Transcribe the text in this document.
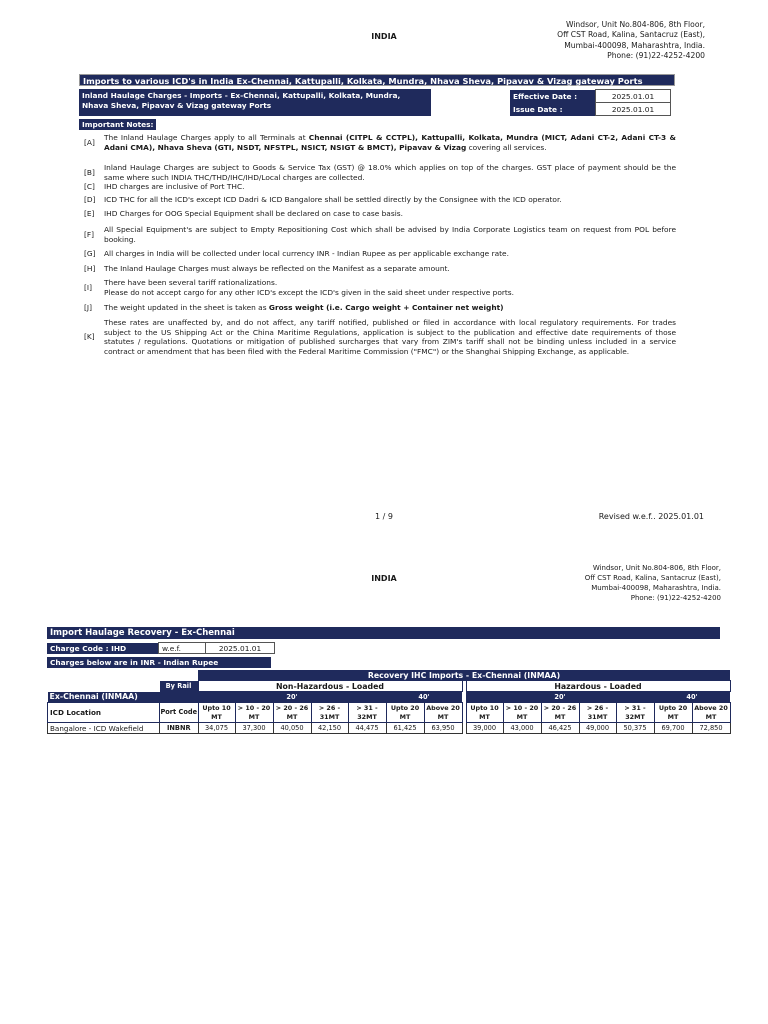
INDIA
Windsor, Unit No.804-806, 8th Floor,
Off CST Road, Kalina, Santacruz (East),
Mumbai-400098, Maharashtra, India.
Phone: (91)22-4252-4200
Imports to various ICD's in India Ex-Chennai, Kattupalli, Kolkata, Mundra, Nhava Sheva, Pipavav & Vizag gateway Ports
Inland Haulage Charges - Imports - Ex-Chennai, Kattupalli, Kolkata, Mundra, Nhava Sheva, Pipavav & Vizag gateway Ports
Effective Date :	2025.01.01
Issue Date :	2025.01.01
Important Notes:
[A]
The Inland Haulage Charges apply to all Terminals at Chennai (CITPL & CCTPL), Kattupalli, Kolkata, Mundra (MICT, Adani CT-2, Adani CT-3 & Adani CMA), Nhava Sheva (GTI, NSDT, NFSTPL, NSICT, NSIGT & BMCT), Pipavav & Vizag covering all services.
[B]
Inland Haulage Charges are subject to Goods & Service Tax (GST) @ 18.0% which applies on top of the charges. GST place of payment should be the same where such INDIA THC/THD/IHC/IHD/Local charges are collected.
[C]	IHD charges are inclusive of Port THC.
[D]	ICD THC for all the ICD's except ICD Dadri & ICD Bangalore shall be settled directly by the Consignee with the ICD operator.
[E]	IHD Charges for OOG Special Equipment shall be declared on case to case basis.
[F]
All Special Equipment's are subject to Empty Repositioning Cost which shall be advised by India Corporate Logistics team on request from POL before booking.
[G]	All charges in India will be collected under local currency INR - Indian Rupee as per applicable exchange rate.
[H]	The Inland Haulage Charges must always be reflected on the Manifest as a separate amount.
[I]
There have been several tariff rationalizations.
Please do not accept cargo for any other ICD's except the ICD's given in the said sheet under respective ports.
[J]	The weight updated in the sheet is taken as Gross weight (i.e. Cargo weight + Container net weight)
[K]
These rates are unaffected by, and do not affect, any tariff notified, published or filed in accordance with local regulatory requirements. For trades subject to the US Shipping Act or the China Maritime Regulations, application is subject to the publication and effective date requirements of those statutes / regulations. Quotations or mitigation of published surcharges that vary from ZIM's tariff shall not be binding unless included in a service contract or amendment that has been filed with the Federal Maritime Commission ("FMC") or the Shanghai Shipping Exchange, as applicable.
1 / 9	Revised w.e.f.. 2025.01.01
INDIA
Windsor, Unit No.804-806, 8th Floor,
Off CST Road, Kalina, Santacruz (East),
Mumbai-400098, Maharashtra, India.
Phone: (91)22-4252-4200
Import Haulage Recovery - Ex-Chennai
Charge Code : IHD	w.e.f.	2025.01.01
Charges below are in INR - Indian Rupee
		Recovery IHC Imports - Ex-Chennai (INMAA)														
	By Rail	Non-Hazardous - Loaded								Hazardous - Loaded						
Ex-Chennai (INMAA)		20'					40'			20'					40'	
ICD Location	Port Code	Upto 10 MT	> 10 - 20 MT	> 20 - 26 MT	> 26 - 31MT	> 31 - 32MT	Upto 20 MT	Above 20 MT		Upto 10 MT	> 10 - 20 MT	> 20 - 26 MT	> 26 - 31MT	> 31 - 32MT	Upto 20 MT	Above 20 MT
Bangalore - ICD Wakefield	INBNR	34,075	37,300	40,050	42,150	44,475	61,425	63,950		39,000	43,000	46,425	49,000	50,375	69,700	72,850
